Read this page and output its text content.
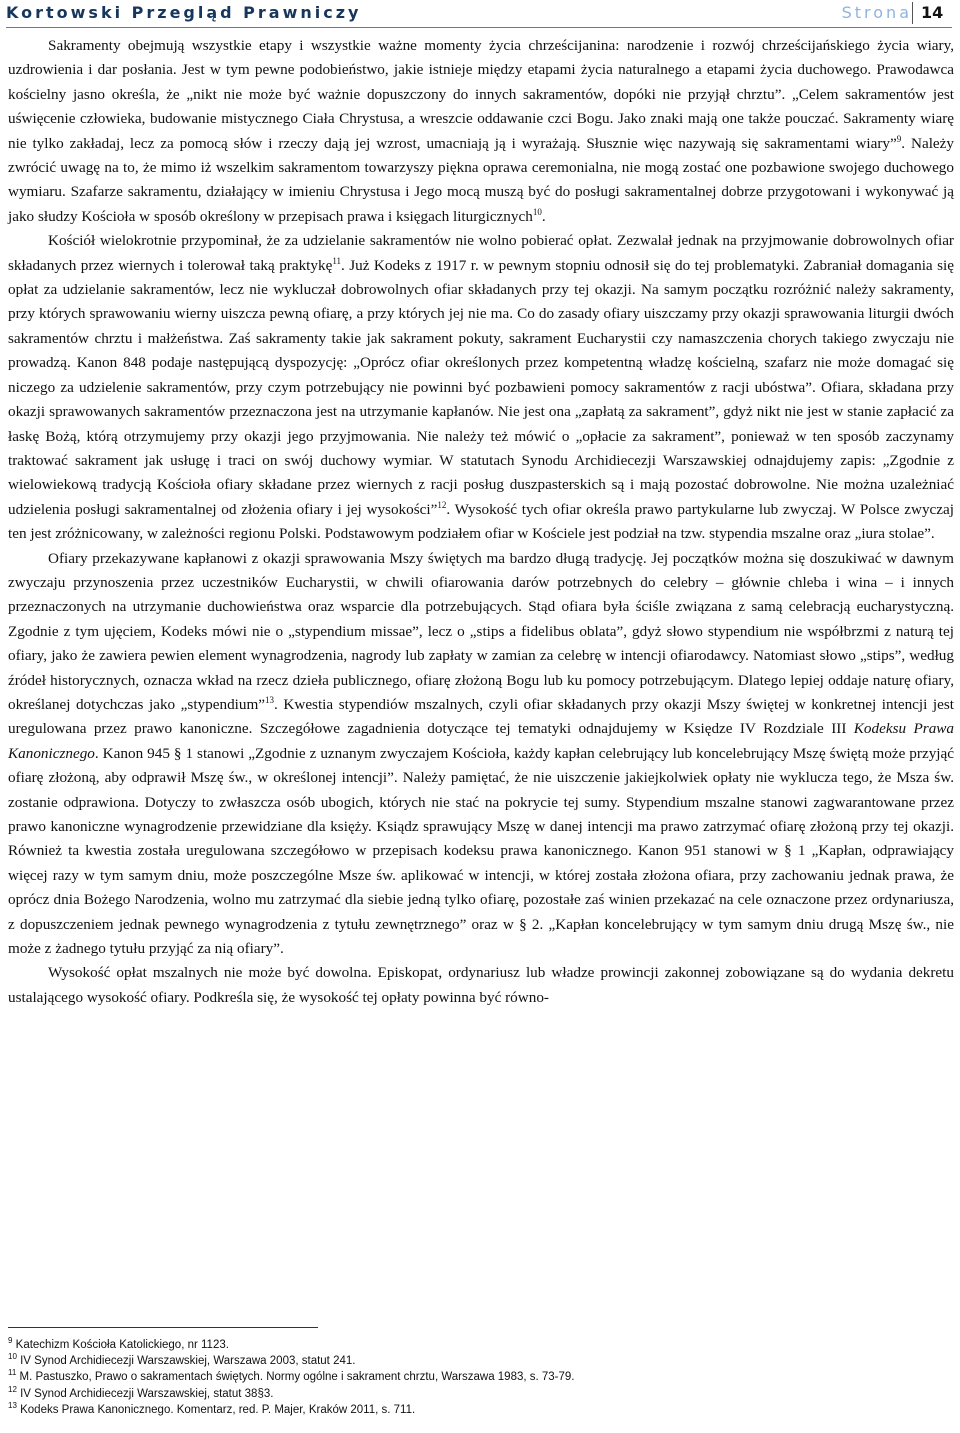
Kortowski Przegląd Prawniczy	Strona 14

Sakramenty obejmują wszystkie etapy i wszystkie ważne momenty życia chrześcijanina: narodzenie i rozwój chrześcijańskiego życia wiary, uzdrowienia i dar posłania. Jest w tym pewne podobieństwo, jakie istnieje między etapami życia naturalnego a etapami życia duchowego. Prawodawca kościelny jasno określa, że „nikt nie może być ważnie dopuszczony do innych sakramentów, dopóki nie przyjął chrztu”. „Celem sakramentów jest uświęcenie człowieka, budowanie mistycznego Ciała Chrystusa, a wreszcie oddawanie czci Bogu. Jako znaki mają one także pouczać. Sakramenty wiarę nie tylko zakładaj, lecz za pomocą słów i rzeczy dają jej wzrost, umacniają ją i wyrażają. Słusznie więc nazywają się sakramentami wiary”$^9$. Należy zwrócić uwagę na to, że mimo iż wszelkim sakramentom towarzyszy piękna oprawa ceremonialna, nie mogą zostać one pozbawione swojego duchowego wymiaru. Szafarze sakramentu, działający w imieniu Chrystusa i Jego mocą muszą być do posługi sakramentalnej dobrze przygotowani i wykonywać ją jako słudzy Kościoła w sposób określony w przepisach prawa i księgach liturgicznych$^{10}$.

Kościół wielokrotnie przypominał, że za udzielanie sakramentów nie wolno pobierać opłat. Zezwalał jednak na przyjmowanie dobrowolnych ofiar składanych przez wiernych i tolerował taką praktykę$^{11}$. Już Kodeks z 1917 r. w pewnym stopniu odnosił się do tej problematyki. Zabraniał domagania się opłat za udzielanie sakramentów, lecz nie wykluczał dobrowolnych ofiar składanych przy tej okazji. Na samym początku rozróżnić należy sakramenty, przy których sprawowaniu wierny uiszcza pewną ofiarę, a przy których jej nie ma. Co do zasady ofiary uiszczamy przy okazji sprawowania liturgii dwóch sakramentów chrztu i małżeństwa. Zaś sakramenty takie jak sakrament pokuty, sakrament Eucharystii czy namaszczenia chorych takiego zwyczaju nie prowadzą. Kanon 848 podaje następującą dyspozycję: „Oprócz ofiar określonych przez kompetentną władzę kościelną, szafarz nie może domagać się niczego za udzielenie sakramentów, przy czym potrzebujący nie powinni być pozbawieni pomocy sakramentów z racji ubóstwa”. Ofiara, składana przy okazji sprawowanych sakramentów przeznaczona jest na utrzymanie kapłanów. Nie jest ona „zapłatą za sakrament”, gdyż nikt nie jest w stanie zapłacić za łaskę Bożą, którą otrzymujemy przy okazji jego przyjmowania. Nie należy też mówić o „opłacie za sakrament”, ponieważ w ten sposób zaczynamy traktować sakrament jak usługę i traci on swój duchowy wymiar. W statutach Synodu Archidiecezji Warszawskiej odnajdujemy zapis: „Zgodnie z wielowiekową tradycją Kościoła ofiary składane przez wiernych z racji posług duszpasterskich są i mają pozostać dobrowolne. Nie można uzależniać udzielenia posługi sakramentalnej od złożenia ofiary i jej wysokości”$^{12}$. Wysokość tych ofiar określa prawo partykularne lub zwyczaj. W Polsce zwyczaj ten jest zróżnicowany, w zależności regionu Polski. Podstawowym podziałem ofiar w Kościele jest podział na tzw. stypendia mszalne oraz „iura stolae”.

Ofiary przekazywane kapłanowi z okazji sprawowania Mszy świętych ma bardzo długą tradycję. Jej początków można się doszukiwać w dawnym zwyczaju przynoszenia przez uczestników Eucharystii, w chwili ofiarowania darów potrzebnych do celebry – głównie chleba i wina – i innych przeznaczonych na utrzymanie duchowieństwa oraz wsparcie dla potrzebujących. Stąd ofiara była ściśle związana z samą celebracją eucharystyczną. Zgodnie z tym ujęciem, Kodeks mówi nie o „stypendium missae”, lecz o „stips a fidelibus oblata”, gdyż słowo stypendium nie współbrzmi z naturą tej ofiary, jako że zawiera pewien element wynagrodzenia, nagrody lub zapłaty w zamian za celebrę w intencji ofiarodawcy. Natomiast słowo „stips”, według źródeł historycznych, oznacza wkład na rzecz dzieła publicznego, ofiarę złożoną Bogu lub ku pomocy potrzebującym. Dlatego lepiej oddaje naturę ofiary, określanej dotychczas jako „stypendium”$^{13}$. Kwestia stypendiów mszalnych, czyli ofiar składanych przy okazji Mszy świętej w konkretnej intencji jest uregulowana przez prawo kanoniczne. Szczegółowe zagadnienia dotyczące tej tematyki odnajdujemy w Księdze IV Rozdziale III Kodeksu Prawa Kanonicznego. Kanon 945 § 1 stanowi „Zgodnie z uznanym zwyczajem Kościoła, każdy kapłan celebrujący lub koncelebrujący Mszę świętą może przyjąć ofiarę złożoną, aby odprawił Mszę św., w określonej intencji”. Należy pamiętać, że nie uiszczenie jakiejkolwiek opłaty nie wyklucza tego, że Msza św. zostanie odprawiona. Dotyczy to zwłaszcza osób ubogich, których nie stać na pokrycie tej sumy. Stypendium mszalne stanowi zagwarantowane przez prawo kanoniczne wynagrodzenie przewidziane dla księży. Ksiądz sprawujący Mszę w danej intencji ma prawo zatrzymać ofiarę złożoną przy tej okazji. Również ta kwestia została uregulowana szczegółowo w przepisach kodeksu prawa kanonicznego. Kanon 951 stanowi w § 1 „Kapłan, odprawiający więcej razy w tym samym dniu, może poszczególne Msze św. aplikować w intencji, w której została złożona ofiara, przy zachowaniu jednak prawa, że oprócz dnia Bożego Narodzenia, wolno mu zatrzymać dla siebie jedną tylko ofiarę, pozostałe zaś winien przekazać na cele oznaczone przez ordynariusza, z dopuszczeniem jednak pewnego wynagrodzenia z tytułu zewnętrznego” oraz w § 2. „Kapłan koncelebrujący w tym samym dniu drugą Mszę św., nie może z żadnego tytułu przyjąć za nią ofiary”.

Wysokość opłat mszalnych nie może być dowolna. Episkopat, ordynariusz lub władze prowincji zakonnej zobowiązane są do wydania dekretu ustalającego wysokość ofiary. Podkreśla się, że wysokość tej opłaty powinna być równo-

$^9$ Katechizm Kościoła Katolickiego, nr 1123.
$^{10}$ IV Synod Archidiecezji Warszawskiej, Warszawa 2003, statut 241.
$^{11}$ M. Pastuszko, Prawo o sakramentach świętych. Normy ogólne i sakrament chrztu, Warszawa 1983, s. 73-79.
$^{12}$ IV Synod Archidiecezji Warszawskiej, statut 38§3.
$^{13}$ Kodeks Prawa Kanonicznego. Komentarz, red. P. Majer, Kraków 2011, s. 711.
